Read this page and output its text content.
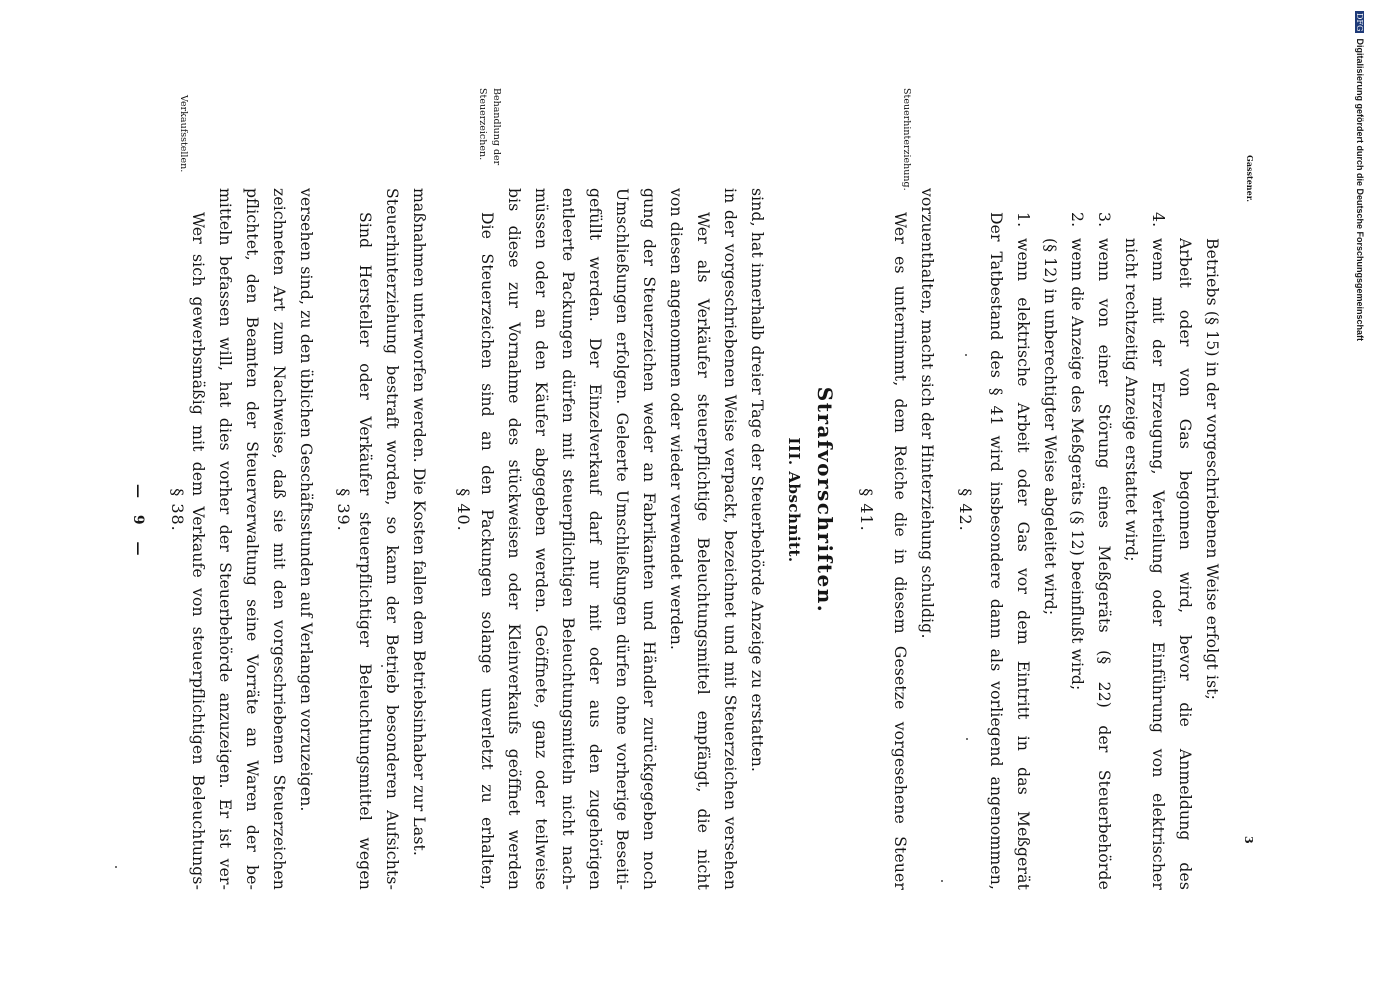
DFG Digitalisierung gefördert durch die Deutsche Forschungsgemeinschaft
— 9 —
§ 38.
Verkaufsstellen.
Wer sich gewerbsmäßig mit dem Verkaufe von steuerpflichtigen Beleuchtungs- mitteln befassen will, hat dies vorher der Steuerbehörde anzuzeigen. Er ist ver- pflichtet, den Beamten der Steuerverwaltung seine Vorräte an Waren der be- zeichneten Art zum Nachweise, daß sie mit den vorgeschriebenen Steuerzeichen versehen sind, zu den üblichen Geschäftsstunden auf Verlangen vorzuzeigen. § 39. Sind Hersteller oder Verkäufer steuerpflichtiger Beleuchtungsmittel wegen Steuerhinterziehung bestraft worden, so kann der Betrieb besonderen Aufsichts- maßnahmen unterworfen werden. Die Kosten fallen dem Betriebsinhaber zur Last. § 40.
Behandlung der Steuerzeichen.
Die Steuerzeichen sind an den Packungen solange unverletzt zu erhalten, bis diese zur Vornahme des stückweisen oder Kleinverkaufs geöffnet werden müssen oder an den Käufer abgegeben werden. Geöffnete, ganz oder teilweise entleerte Packungen dürfen mit steuerpflichtigen Beleuchtungsmitteln nicht nach- gefüllt werden. Der Einzelverkauf darf nur mit oder aus den zugehörigen Umschließungen erfolgen. Geleerte Umschließungen dürfen ohne vorherige Beseiti- gung der Steuerzeichen weder an Fabrikanten und Händler zurückgegeben noch von diesen angenommen oder wieder verwendet werden. Wer als Verkäufer steuerpflichtige Beleuchtungsmittel empfängt, die nicht in der vorgeschriebenen Weise verpackt, bezeichnet und mit Steuerzeichen versehen sind, hat innerhalb dreier Tage der Steuerbehörde Anzeige zu erstatten. III. Abschnitt. Strafvorschriften. § 41.
Steuerhinterziehung.
Wer es unternimmt, dem Reiche die in diesem Gesetze vorgesehene Steuer vorzuenthalten, macht sich der Hinterziehung schuldig. § 42. Der Tatbestand des § 41 wird insbesondere dann als vorliegend angenommen, 1.
wenn elektrische Arbeit oder Gas vor dem Eintritt in das Meßgerät (§ 12) in unberechtigter Weise abgeleitet wird;
2.
wenn die Anzeige des Meßgeräts (§ 12) beeinflußt wird;
3.
wenn von einer Störung eines Meßgeräts (§ 22) der Steuerbehörde nicht rechtzeitig Anzeige erstattet wird;
4.
wenn mit der Erzeugung, Verteilung oder Einführung von elektrischer Arbeit oder von Gas begonnen wird, bevor die Anmeldung des Betriebs (§ 15) in der vorgeschriebenen Weise erfolgt ist;
Gasstener.
3
